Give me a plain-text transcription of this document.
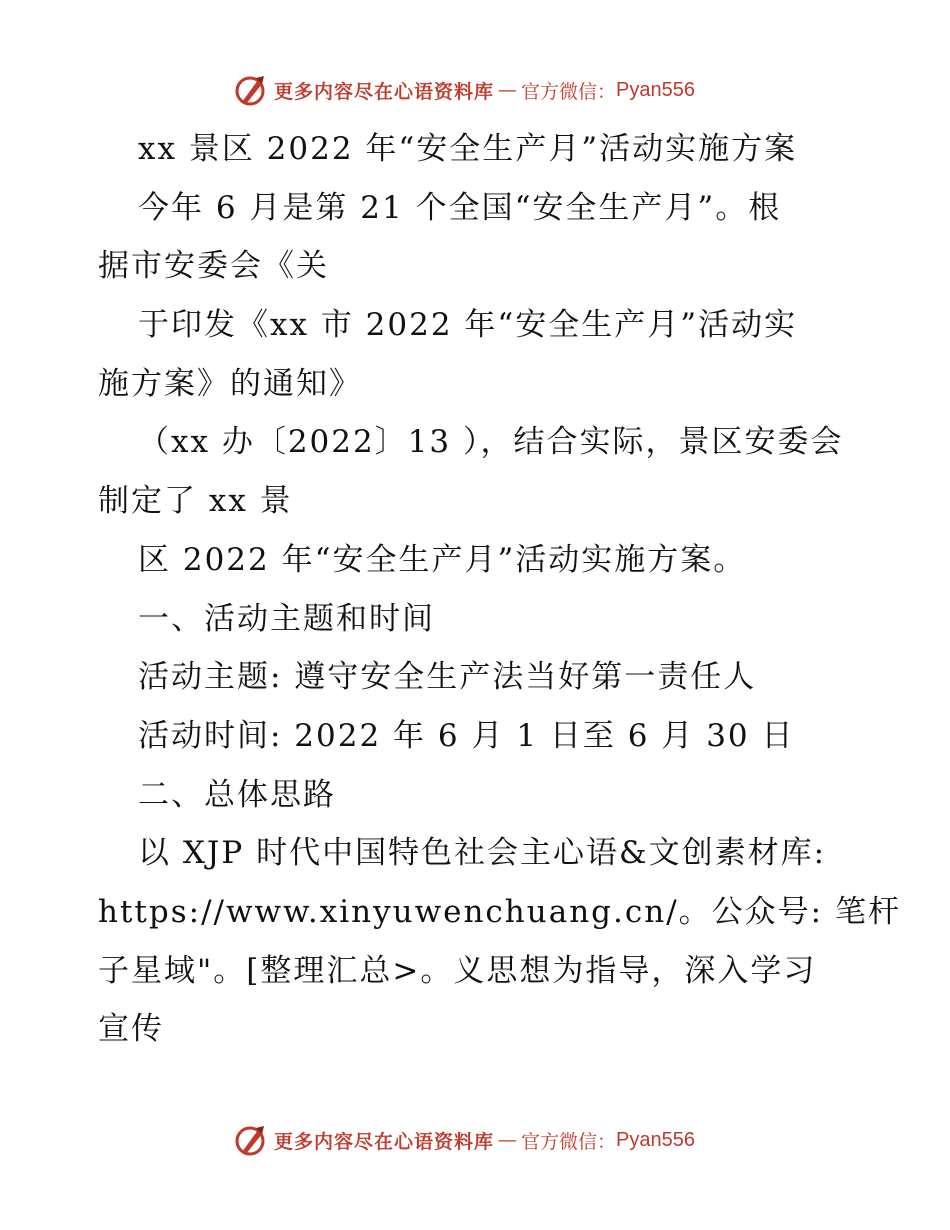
更多内容尽在心语资料库 — 官方微信： Pyan556
xx 景区 2022 年“安全生产月”活动实施方案
今年 6 月是第 21 个全国“安全生产月”。根
据市安委会《关
于印发《xx 市 2022 年“安全生产月”活动实
施方案》的通知》
（xx 办〔2022〕13 ），结合实际，景区安委会
制定了 xx 景
区 2022 年“安全生产月”活动实施方案。
一、活动主题和时间
活动主题: 遵守安全生产法当好第一责任人
活动时间: 2022 年 6 月 1 日至 6 月 30 日
二、总体思路
以 XJP 时代中国特色社会主心语&文创素材库:
https://www.xinyuwenchuang.cn/。公众号: 笔杆
子星域"。[整理汇总>。义思想为指导，深入学习
宣传
更多内容尽在心语资料库 — 官方微信： Pyan556
